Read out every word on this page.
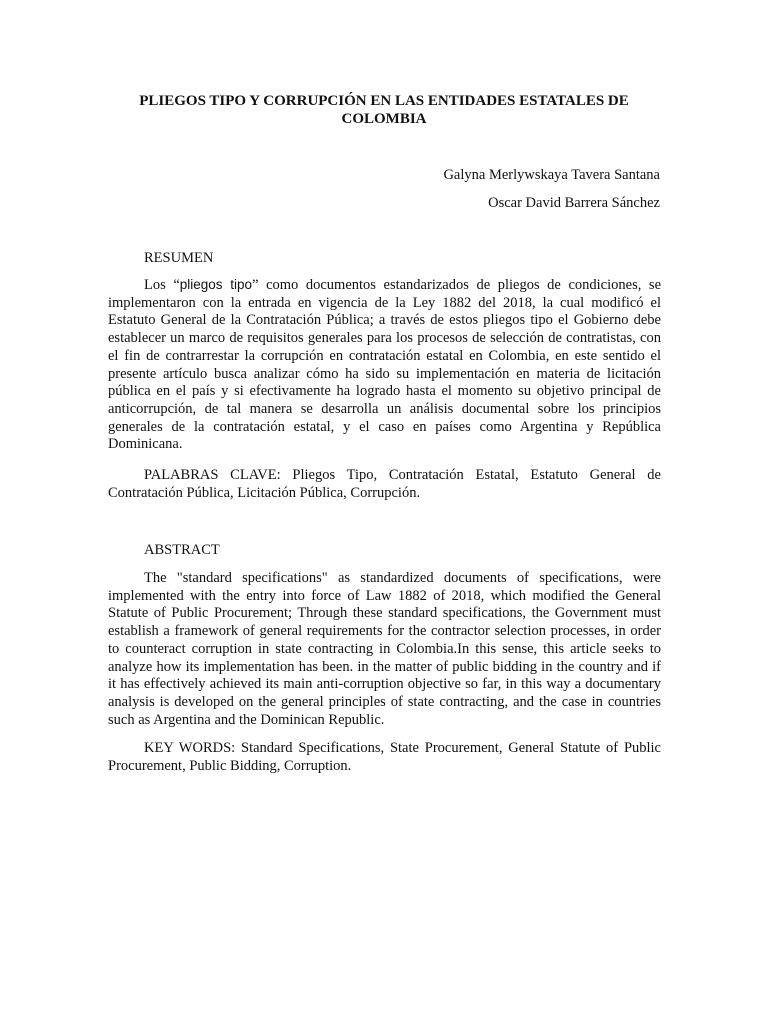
PLIEGOS TIPO Y CORRUPCIÓN EN LAS ENTIDADES ESTATALES DE
COLOMBIA
Galyna Merlywskaya Tavera Santana
Oscar David Barrera Sánchez
RESUMEN

Los “pliegos tipo” como documentos estandarizados de pliegos de condiciones, se implementaron con la entrada en vigencia de la Ley 1882 del 2018, la cual modificó el Estatuto General de la Contratación Pública; a través de estos pliegos tipo el Gobierno debe establecer un marco de requisitos generales para los procesos de selección de contratistas, con el fin de contrarrestar la corrupción en contratación estatal en Colombia, en este sentido el presente artículo busca analizar cómo ha sido su implementación en materia de licitación pública en el país y si efectivamente ha logrado hasta el momento su objetivo principal de anticorrupción, de tal manera se desarrolla un análisis documental sobre los principios generales de la contratación estatal, y el caso en países como Argentina y República Dominicana.

PALABRAS CLAVE: Pliegos Tipo, Contratación Estatal, Estatuto General de Contratación Pública, Licitación Pública, Corrupción.

ABSTRACT

The "standard specifications" as standardized documents of specifications, were implemented with the entry into force of Law 1882 of 2018, which modified the General Statute of Public Procurement; Through these standard specifications, the Government must establish a framework of general requirements for the contractor selection processes, in order to counteract corruption in state contracting in Colombia.In this sense, this article seeks to analyze how its implementation has been. in the matter of public bidding in the country and if it has effectively achieved its main anti-corruption objective so far, in this way a documentary analysis is developed on the general principles of state contracting, and the case in countries such as Argentina and the Dominican Republic.

KEY WORDS: Standard Specifications, State Procurement, General Statute of Public Procurement, Public Bidding, Corruption.
